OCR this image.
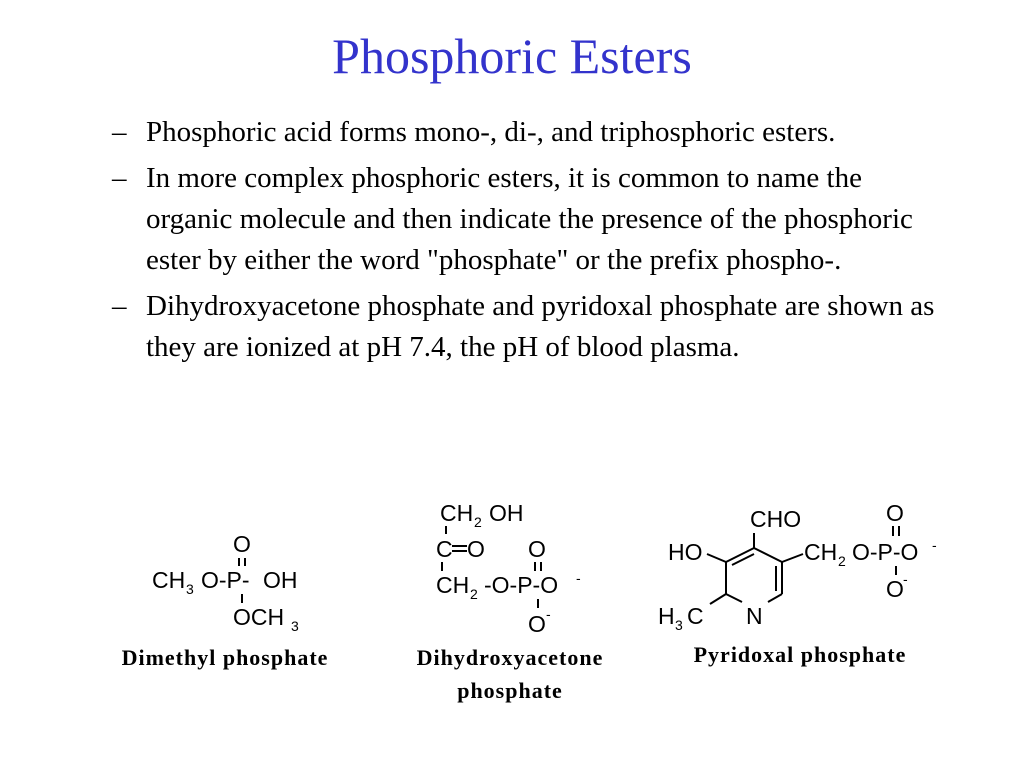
Phosphoric Esters
– Phosphoric acid forms mono-, di-, and triphosphoric esters.
– In more complex phosphoric esters, it is common to name the organic molecule and then indicate the presence of the phosphoric ester by either the word "phosphate" or the prefix phospho-.
– Dihydroxyacetone phosphate and pyridoxal phosphate are shown as they are ionized at pH 7.4, the pH of blood plasma.
O
CH 3 O-P- OH
OCH 3
CH 2 OH
C O O
CH 2 -O-P-O -
O -
CHO	O
HO	CH 2 O-P-O -
O -
H 3 C N
Dimethyl phosphate	Dihydroxyacetone
phosphate
Pyridoxal phosphate
